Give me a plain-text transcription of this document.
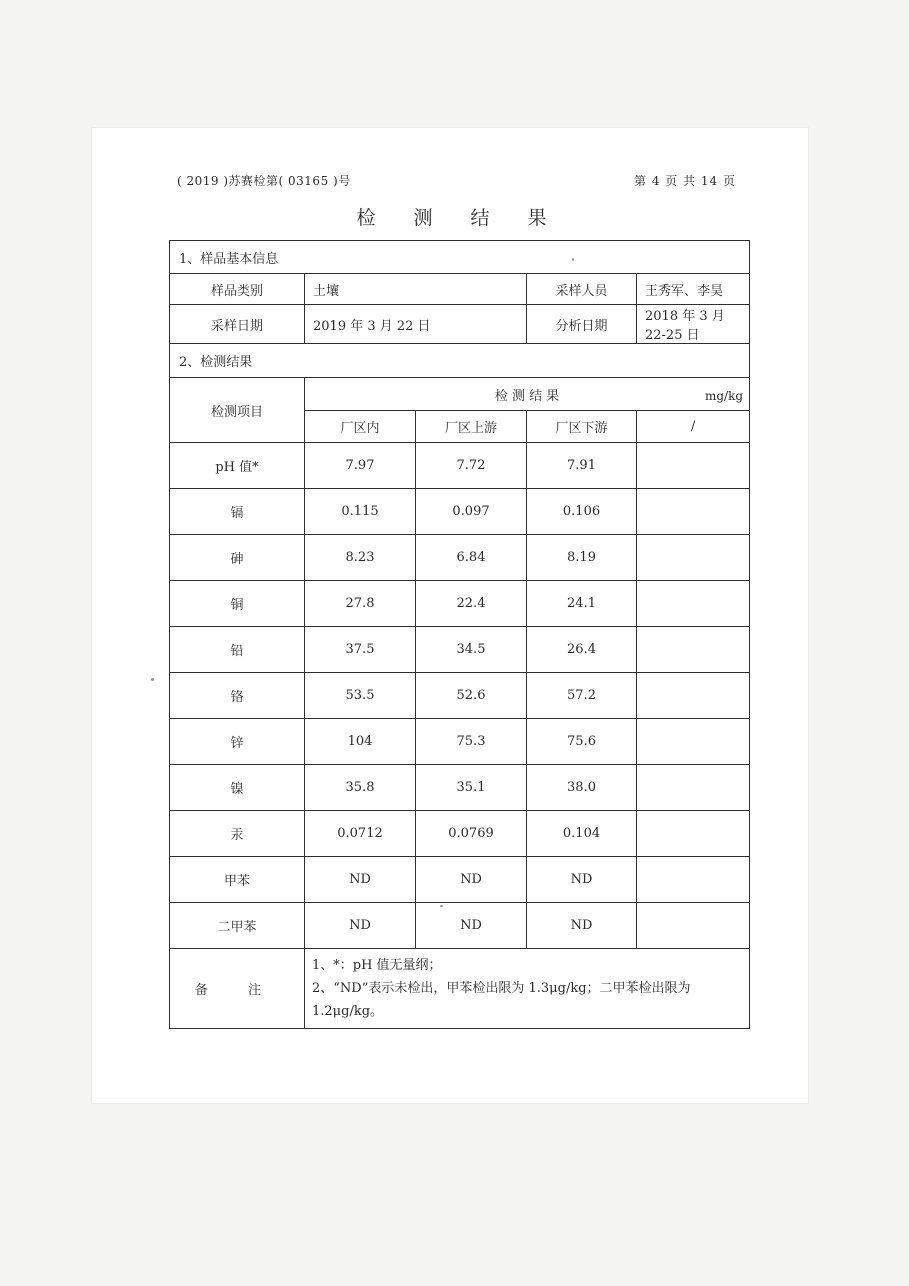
( 2019 )苏赛检第( 03165 )号	第 4 页 共 14 页
检 测 结 果
1、样品基本信息				
样品类别	土壤		采样人员	王秀军、李昊
采样日期	2019 年 3 月 22 日		分析日期	2018 年 3 月 22-25 日
2、检测结果				
检测项目	检 测 结 果 mg/kg			

	厂区内	厂区上游	厂区下游	/
pH 值*	7.97	7.72	7.91	
镉	0.115	0.097	0.106	
砷	8.23	6.84	8.19	
铜	27.8	22.4	24.1	
铅	37.5	34.5	26.4	
铬	53.5	52.6	57.2	
锌	104	75.3	75.6	
镍	35.8	35.1	38.0	
汞	0.0712	0.0769	0.104	
甲苯	ND	ND	ND	
二甲苯	ND	ND	ND	
备 注	1、*：pH 值无量纲；
2、“ND”表示未检出，甲苯检出限为 1.3μg/kg；二甲苯检出限为 1.2μg/kg。			
